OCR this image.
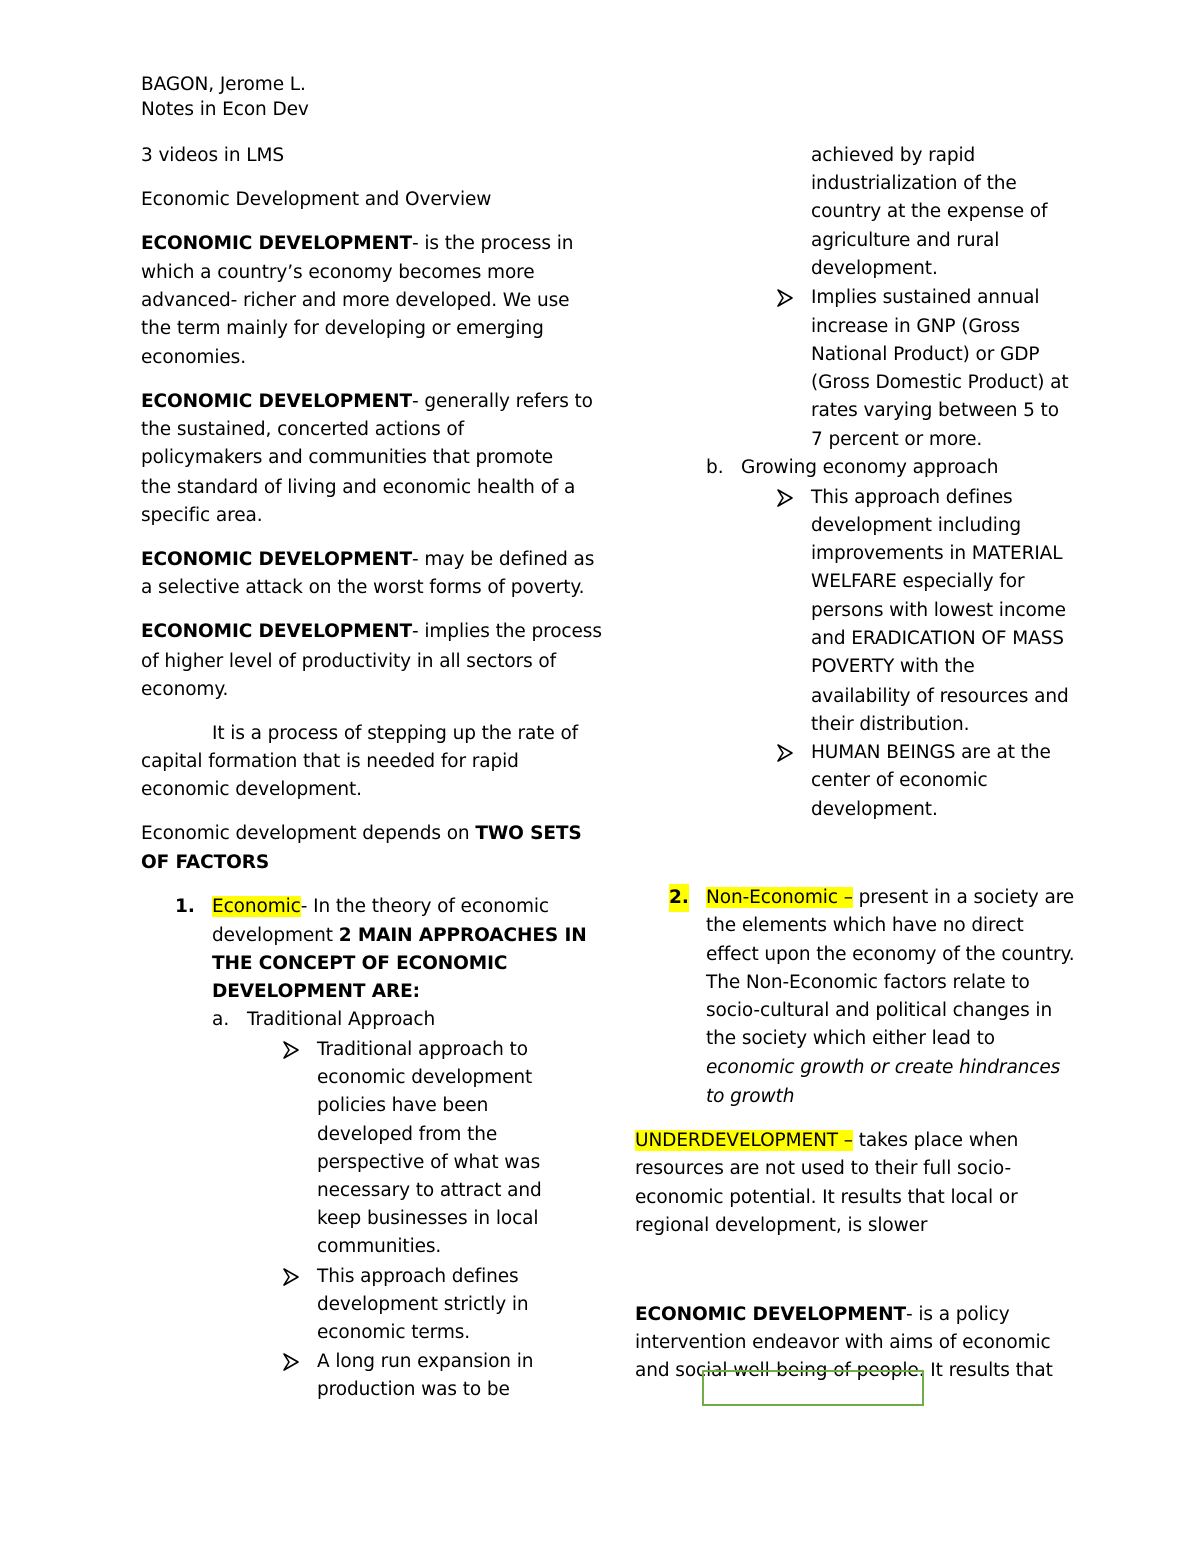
BAGON, Jerome L.
Notes in Econ Dev
3 videos in LMS
Economic Development and Overview
ECONOMIC DEVELOPMENT- is the process in
which a country’s economy becomes more
advanced- richer and more developed. We use
the term mainly for developing or emerging
economies.
ECONOMIC DEVELOPMENT- generally refers to
the sustained, concerted actions of
policymakers and communities that promote
the standard of living and economic health of a
specific area.
ECONOMIC DEVELOPMENT- may be defined as
a selective attack on the worst forms of poverty.
ECONOMIC DEVELOPMENT- implies the process
of higher level of productivity in all sectors of
economy.
It is a process of stepping up the rate of
capital formation that is needed for rapid
economic development.
Economic development depends on TWO SETS
OF FACTORS
1. Economic- In the theory of economic
development 2 MAIN APPROACHES IN
THE CONCEPT OF ECONOMIC
DEVELOPMENT ARE:
a. Traditional Approach
Traditional approach to
economic development
policies have been
developed from the
perspective of what was
necessary to attract and
keep businesses in local
communities.
This approach defines
development strictly in
economic terms.
A long run expansion in
production was to be
achieved by rapid
industrialization of the
country at the expense of
agriculture and rural
development.
Implies sustained annual
increase in GNP (Gross
National Product) or GDP
(Gross Domestic Product) at
rates varying between 5 to
7 percent or more.
b. Growing economy approach
This approach defines
development including
improvements in MATERIAL
WELFARE especially for
persons with lowest income
and ERADICATION OF MASS
POVERTY with the
availability of resources and
their distribution.
HUMAN BEINGS are at the
center of economic
development.
2. Non-Economic – present in a society are
the elements which have no direct
effect upon the economy of the country.
The Non-Economic factors relate to
socio-cultural and political changes in
the society which either lead to
economic growth or create hindrances
to growth
UNDERDEVELOPMENT – takes place when
resources are not used to their full socio-
economic potential. It results that local or
regional development, is slower
ECONOMIC DEVELOPMENT- is a policy
intervention endeavor with aims of economic
and social well-being of people. It results that
